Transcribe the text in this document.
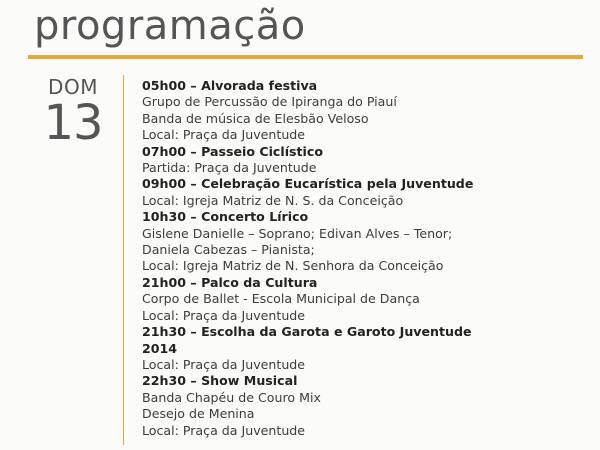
programação
DOM
13
05h00 – Alvorada festiva
Grupo de Percussão de Ipiranga do Piauí
Banda de música de Elesbão Veloso
Local: Praça da Juventude
07h00 – Passeio Ciclístico
Partida: Praça da Juventude
09h00 – Celebração Eucarística pela Juventude
Local: Igreja Matriz de N. S. da Conceição
10h30 – Concerto Lírico
Gislene Danielle – Soprano; Edivan Alves – Tenor;
Daniela Cabezas – Pianista;
Local: Igreja Matriz de N. Senhora da Conceição
21h00 – Palco da Cultura
Corpo de Ballet - Escola Municipal de Dança
Local: Praça da Juventude
21h30 – Escolha da Garota e Garoto Juventude
2014
Local: Praça da Juventude
22h30 – Show Musical
Banda Chapéu de Couro Mix
Desejo de Menina
Local: Praça da Juventude
